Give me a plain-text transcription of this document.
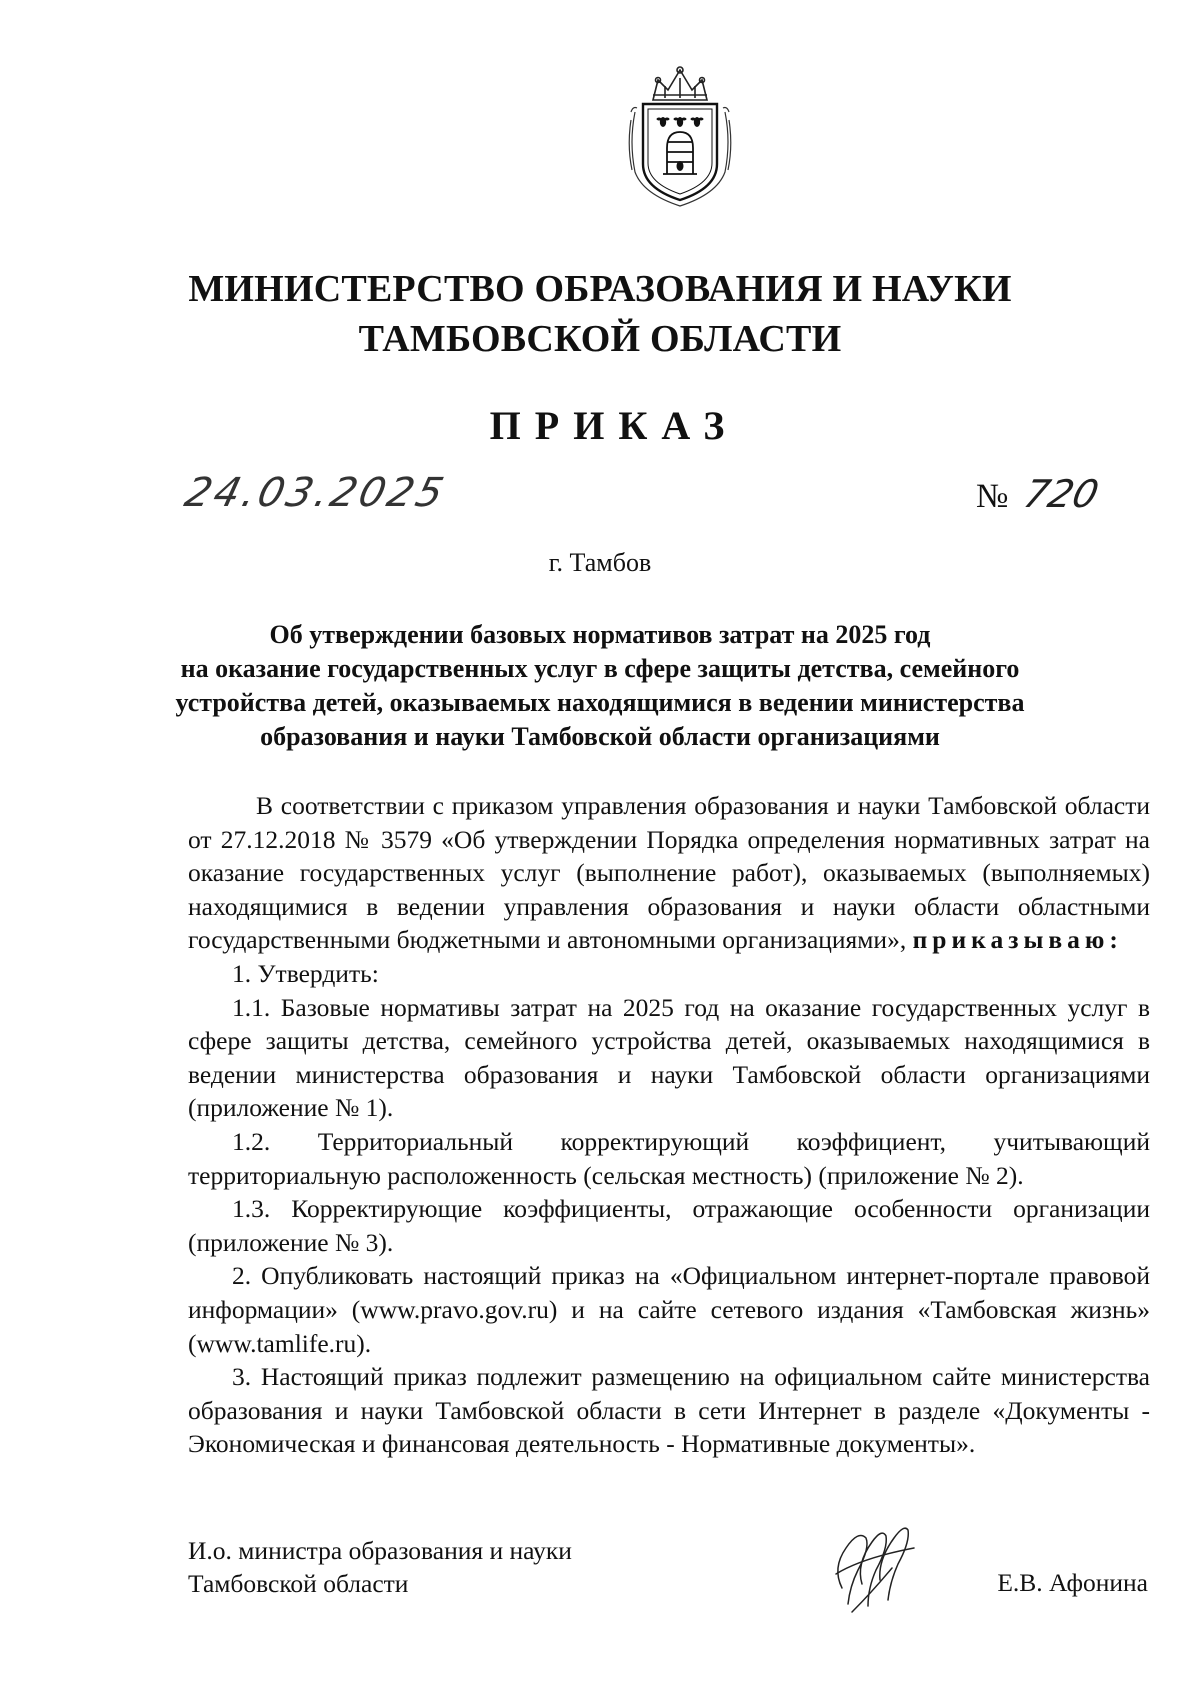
МИНИСТЕРСТВО ОБРАЗОВАНИЯ И НАУКИ
ТАМБОВСКОЙ ОБЛАСТИ
ПРИКАЗ
24.03.2025	№ 720
г. Тамбов
Об утверждении базовых нормативов затрат на 2025 год
на оказание государственных услуг в сфере защиты детства, семейного
устройства детей, оказываемых находящимися в ведении министерства
образования и науки Тамбовской области организациями

В соответствии с приказом управления образования и науки Тамбовской области от 27.12.2018 № 3579 «Об утверждении Порядка определения нормативных затрат на оказание государственных услуг (выполнение работ), оказываемых (выполняемых) находящимися в ведении управления образования и науки области областными государственными бюджетными и автономными организациями», приказываю:

1. Утвердить:

1.1. Базовые нормативы затрат на 2025 год на оказание государственных услуг в сфере защиты детства, семейного устройства детей, оказываемых находящимися в ведении министерства образования и науки Тамбовской области организациями (приложение № 1).

1.2. Территориальный корректирующий коэффициент, учитывающий территориальную расположенность (сельская местность) (приложение № 2).

1.3. Корректирующие коэффициенты, отражающие особенности организации (приложение № 3).

2. Опубликовать настоящий приказ на «Официальном интернет-портале правовой информации» (www.pravo.gov.ru) и на сайте сетевого издания «Тамбовская жизнь» (www.tamlife.ru).

3. Настоящий приказ подлежит размещению на официальном сайте министерства образования и науки Тамбовской области в сети Интернет в разделе «Документы - Экономическая и финансовая деятельность - Нормативные документы».

И.о. министра образования и науки
Тамбовской области	Е.В. Афонина
